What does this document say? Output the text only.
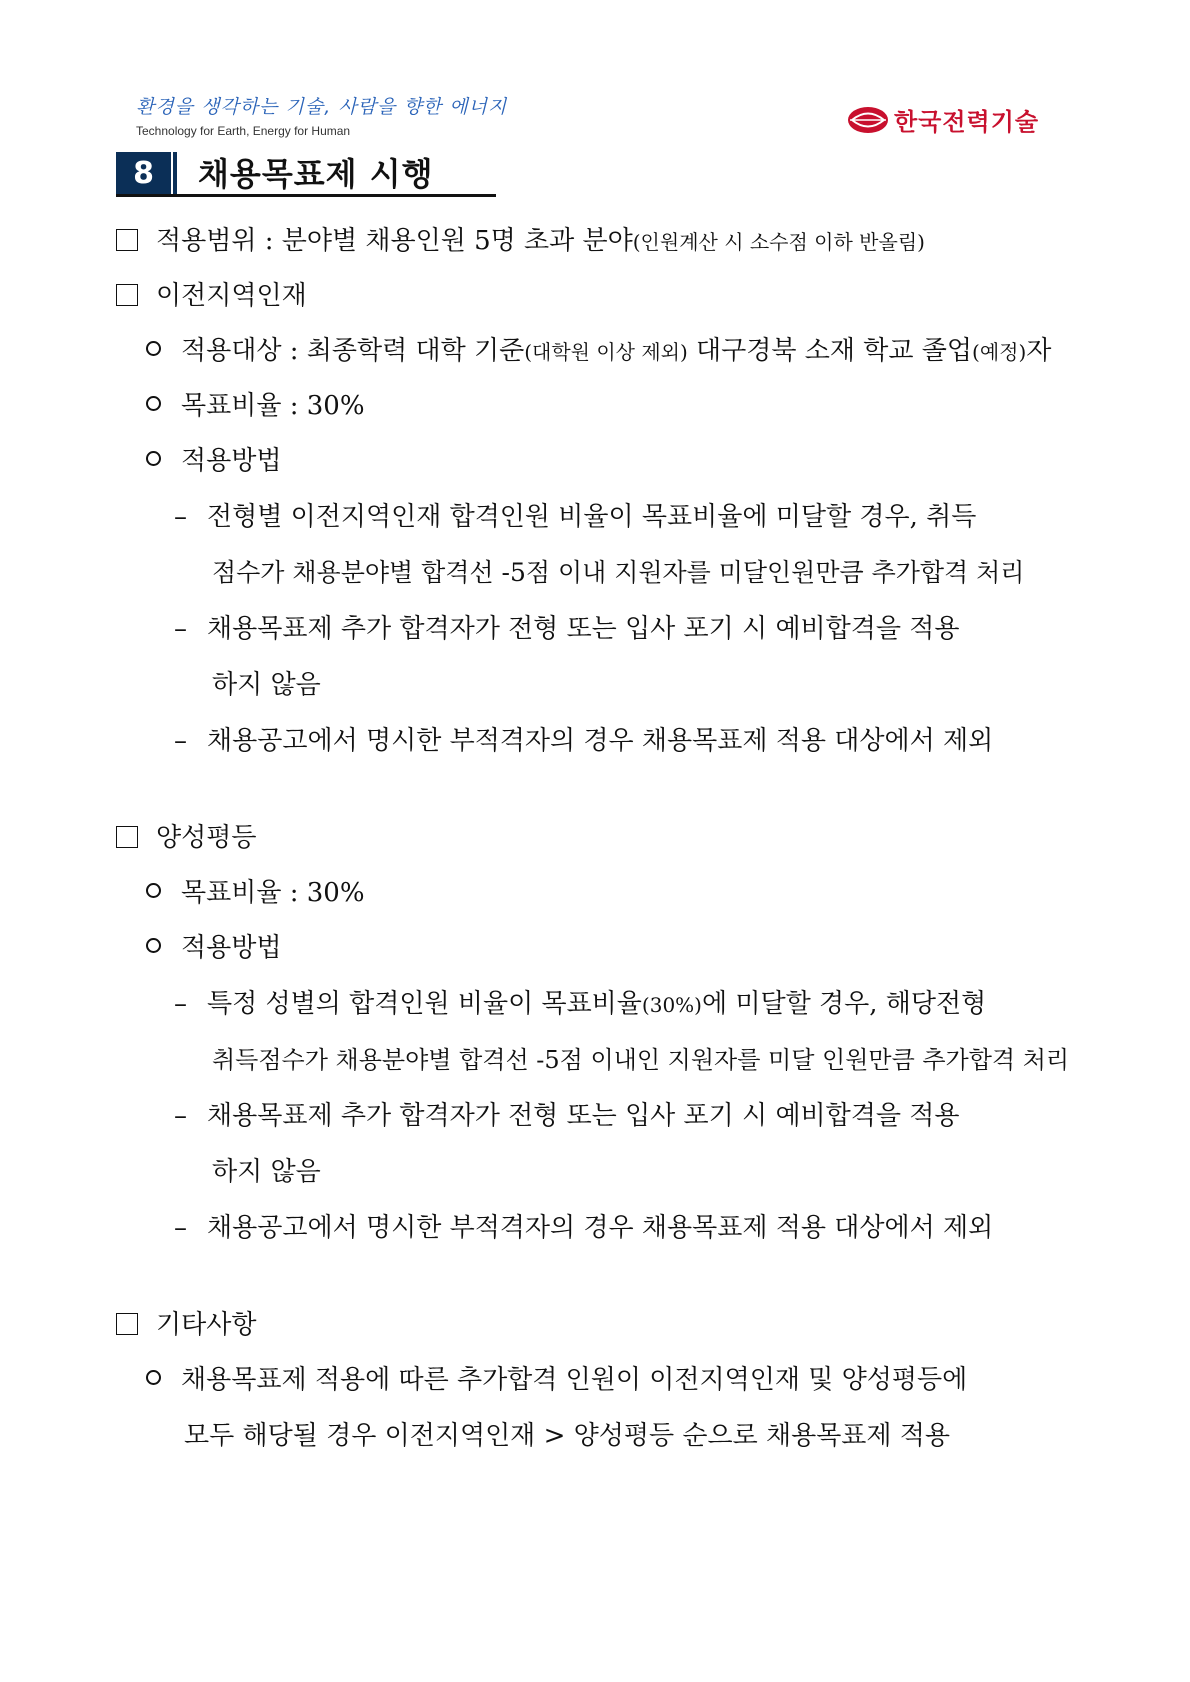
환경을 생각하는 기술, 사람을 향한 에너지
Technology for Earth, Energy for Human	한국전력기술
8	채용목표제 시행
적용범위 : 분야별 채용인원 5명 초과 분야(인원계산 시 소수점 이하 반올림)
이전지역인재
적용대상 : 최종학력 대학 기준(대학원 이상 제외) 대구경북 소재 학교 졸업(예정)자
목표비율 : 30%
적용방법
– 전형별 이전지역인재 합격인원 비율이 목표비율에 미달할 경우, 취득
점수가 채용분야별 합격선 -5점 이내 지원자를 미달인원만큼 추가합격 처리
– 채용목표제 추가 합격자가 전형 또는 입사 포기 시 예비합격을 적용
하지 않음
– 채용공고에서 명시한 부적격자의 경우 채용목표제 적용 대상에서 제외
양성평등
목표비율 : 30%
적용방법
– 특정 성별의 합격인원 비율이 목표비율(30%)에 미달할 경우, 해당전형
취득점수가 채용분야별 합격선 -5점 이내인 지원자를 미달 인원만큼 추가합격 처리
– 채용목표제 추가 합격자가 전형 또는 입사 포기 시 예비합격을 적용
하지 않음
– 채용공고에서 명시한 부적격자의 경우 채용목표제 적용 대상에서 제외
기타사항
채용목표제 적용에 따른 추가합격 인원이 이전지역인재 및 양성평등에
모두 해당될 경우 이전지역인재 > 양성평등 순으로 채용목표제 적용
